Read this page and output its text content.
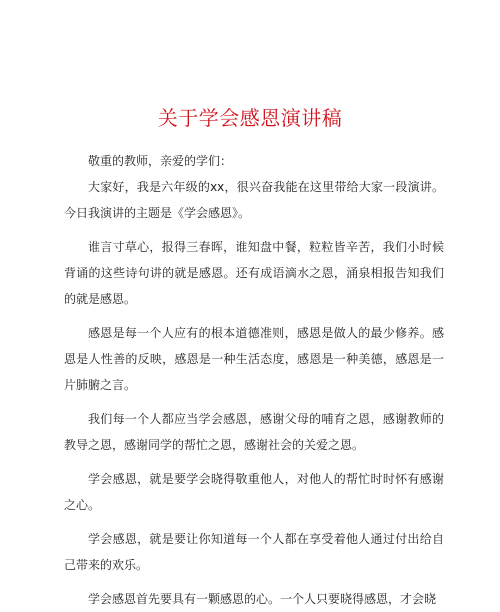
关于学会感恩演讲稿

敬重的教师，亲爱的学们：

大家好，我是六年级的xx，很兴奋我能在这里带给大家一段演讲。今日我演讲的主题是《学会感恩》。

谁言寸草心，报得三春晖，谁知盘中餐，粒粒皆辛苦，我们小时候背诵的这些诗句讲的就是感恩。还有成语滴水之恩，涌泉相报告知我们的就是感恩。

感恩是每一个人应有的根本道德准则，感恩是做人的最少修养。感恩是人性善的反映，感恩是一种生活态度，感恩是一种美德，感恩是一片肺腑之言。

我们每一个人都应当学会感恩，感谢父母的哺育之恩，感谢教师的教导之恩，感谢同学的帮忙之恩，感谢社会的关爱之恩。

学会感恩，就是要学会晓得敬重他人，对他人的帮忙时时怀有感谢之心。

学会感恩，就是要让你知道每一个人都在享受着他人通过付出给自己带来的欢乐。

学会感恩首先要具有一颗感恩的心。一个人只要晓得感恩，才会晓
